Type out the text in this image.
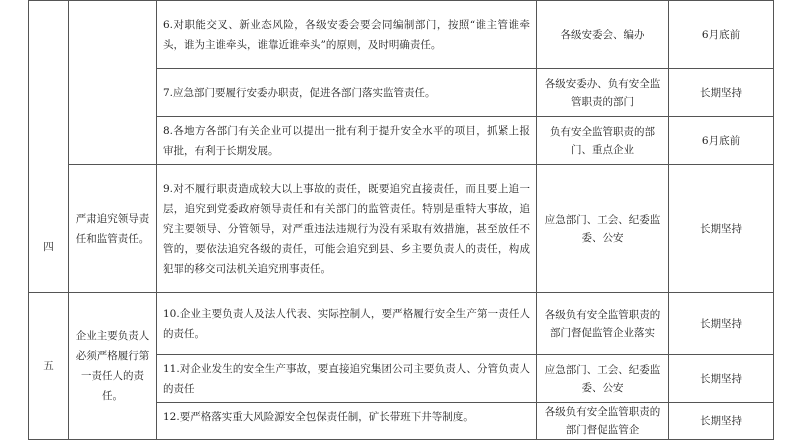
四		6.对职能交叉、新业态风险，各级安委会要会同编制部门，按照“谁主管谁牵头，谁为主谁牵头，谁靠近谁牵头”的原则，及时明确责任。	各级安委会、编办	6月底前

		7.应急部门要履行安委办职责，促进各部门落实监管责任。	各级安委办、负有安全监管职责的部门	长期坚持

		8.各地方各部门有关企业可以提出一批有利于提升安全水平的项目，抓紧上报审批，有利于长期发展。	负有安全监管职责的部门、重点企业	6月底前

	严肃追究领导责任和监管责任。	9.对不履行职责造成较大以上事故的责任，既要追究直接责任，而且要上追一层，追究到党委政府领导责任和有关部门的监管责任。特别是重特大事故，追究主要领导、分管领导，对严重违法违规行为没有采取有效措施，甚至放任不管的，要依法追究各级的责任，可能会追究到县、乡主要负责人的责任，构成犯罪的移交司法机关追究刑事责任。	应急部门、工会、纪委监委、公安	长期坚持
五	企业主要负责人必须严格履行第一责任人的责任。	10.企业主要负责人及法人代表、实际控制人，要严格履行安全生产第一责任人的责任。	各级负有安全监管职责的部门督促监管企业落实	长期坚持

		11.对企业发生的安全生产事故，要直接追究集团公司主要负责人、分管负责人的责任	应急部门、工会、纪委监委、公安	长期坚持

		12.要严格落实重大风险源安全包保责任制，矿长带班下井等制度。	各级负有安全监管职责的部门督促监管企	长期坚持
